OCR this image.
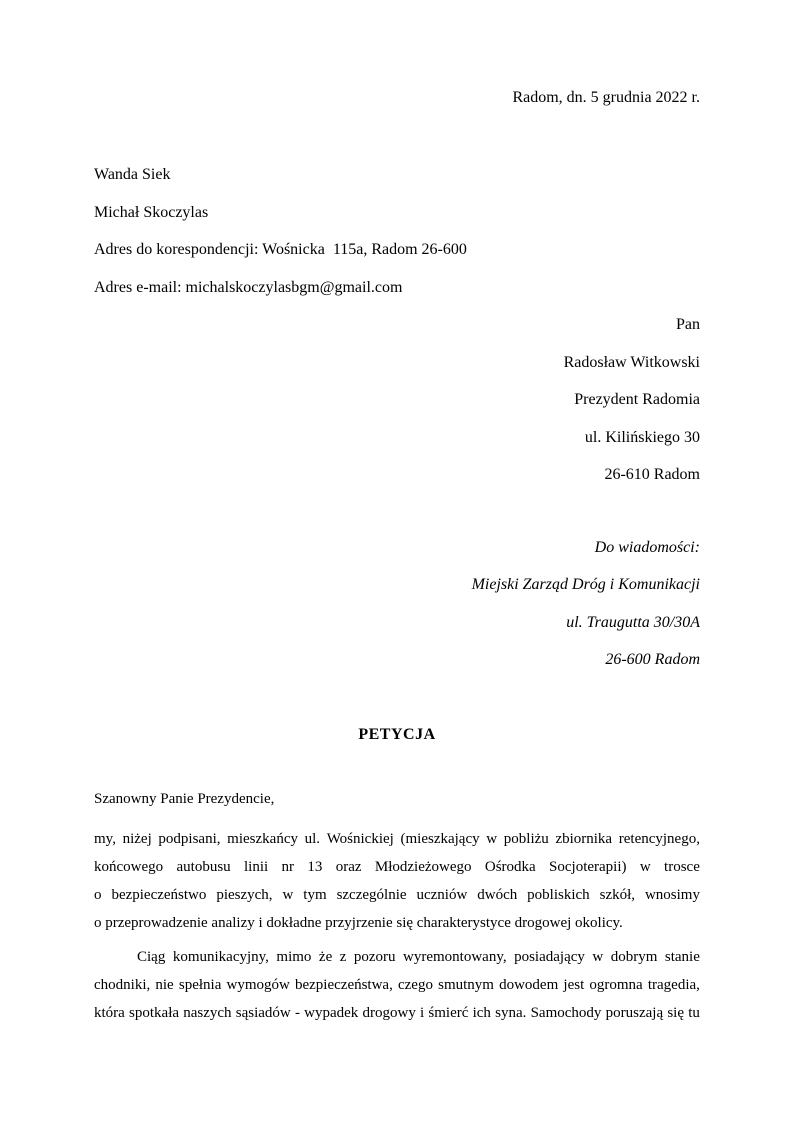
Radom, dn. 5 grudnia 2022 r.
Wanda Siek
Michał Skoczylas
Adres do korespondencji: Wośnicka  115a, Radom 26-600
Adres e-mail: michalskoczylasbgm@gmail.com
Pan
Radosław Witkowski
Prezydent Radomia
ul. Kilińskiego 30
26-610 Radom
Do wiadomości:
Miejski Zarząd Dróg i Komunikacji
ul. Traugutta 30/30A
26-600 Radom
PETYCJA
Szanowny Panie Prezydencie,
my, niżej podpisani, mieszkańcy ul. Wośnickiej (mieszkający w pobliżu zbiornika retencyjnego,
końcowego autobusu linii nr 13 oraz Młodzieżowego Ośrodka Socjoterapii) w trosce
o bezpieczeństwo pieszych, w tym szczególnie uczniów dwóch pobliskich szkół, wnosimy
o przeprowadzenie analizy i dokładne przyjrzenie się charakterystyce drogowej okolicy.
Ciąg komunikacyjny, mimo że z pozoru wyremontowany, posiadający w dobrym stanie
chodniki, nie spełnia wymogów bezpieczeństwa, czego smutnym dowodem jest ogromna tragedia,
która spotkała naszych sąsiadów - wypadek drogowy i śmierć ich syna. Samochody poruszają się tu
